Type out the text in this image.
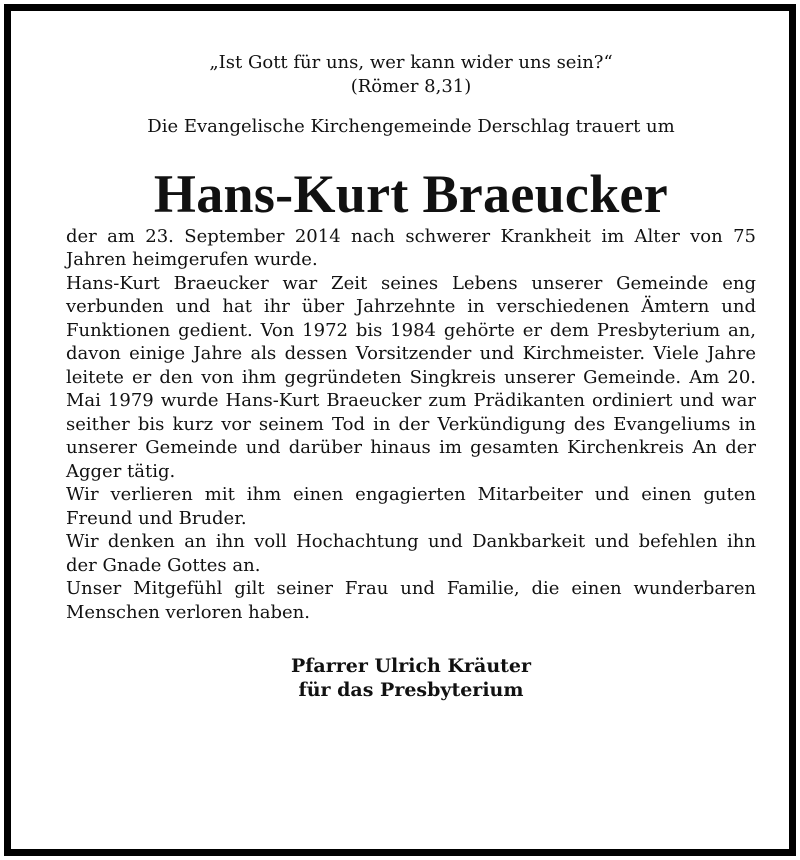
„Ist Gott für uns, wer kann wider uns sein?“
(Römer 8,31)
Die Evangelische Kirchengemeinde Derschlag trauert um
Hans-Kurt Braeucker

der am 23. September 2014 nach schwerer Krankheit im Alter von 75 Jahren heimgerufen wurde.

Hans-Kurt Braeucker war Zeit seines Lebens unserer Gemeinde eng verbunden und hat ihr über Jahrzehnte in verschiedenen Ämtern und Funktionen gedient. Von 1972 bis 1984 gehörte er dem Presbyterium an, davon einige Jahre als dessen Vorsitzender und Kirchmeister. Viele Jahre leitete er den von ihm gegründeten Singkreis unserer Gemeinde. Am 20. Mai 1979 wurde Hans-Kurt Braeucker zum Prädikanten ordiniert und war seither bis kurz vor seinem Tod in der Verkündigung des Evangeliums in unserer Gemeinde und darüber hinaus im gesamten Kirchenkreis An der Agger tätig.

Wir verlieren mit ihm einen engagierten Mitarbeiter und einen guten Freund und Bruder.

Wir denken an ihn voll Hochachtung und Dankbarkeit und befehlen ihn der Gnade Gottes an.

Unser Mitgefühl gilt seiner Frau und Familie, die einen wunderbaren Menschen verloren haben.

Pfarrer Ulrich Kräuter
für das Presbyterium
